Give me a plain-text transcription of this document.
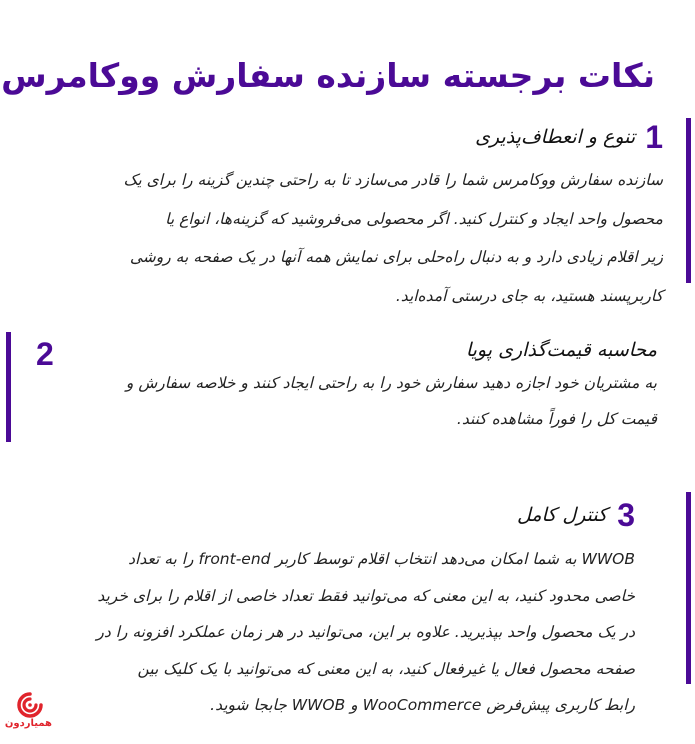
نکات برجسته سازنده سفارش ووکامرس
1
تنوع و انعطاف‌پذیری
سازنده سفارش ووکامرس شما را قادر می‌سازد تا به راحتی چندین گزینه را برای یک
محصول واحد ایجاد و کنترل کنید. اگر محصولی می‌فروشید که گزینه‌ها، انواع یا
زیر اقلام زیادی دارد و به دنبال راه‌حلی برای نمایش همه آنها در یک صفحه به روشی
کاربرپسند هستید، به جای درستی آمده‌اید.
2	محاسبه قیمت‌گذاری پویا
به مشتریان خود اجازه دهید سفارش خود را به راحتی ایجاد کنند و خلاصه سفارش و
قیمت کل را فوراً مشاهده کنند.
3
کنترل کامل
WWOB به شما امکان می‌دهد انتخاب اقلام توسط کاربر front-end را به تعداد
خاصی محدود کنید، به این معنی که می‌توانید فقط تعداد خاصی از اقلام را برای خرید
در یک محصول واحد بپذیرید. علاوه بر این، می‌توانید در هر زمان عملکرد افزونه را در
صفحه محصول فعال یا غیرفعال کنید، به این معنی که می‌توانید با یک کلیک بین
رابط کاربری پیش‌فرض WooCommerce و WWOB جابجا شوید.
همیاردون
